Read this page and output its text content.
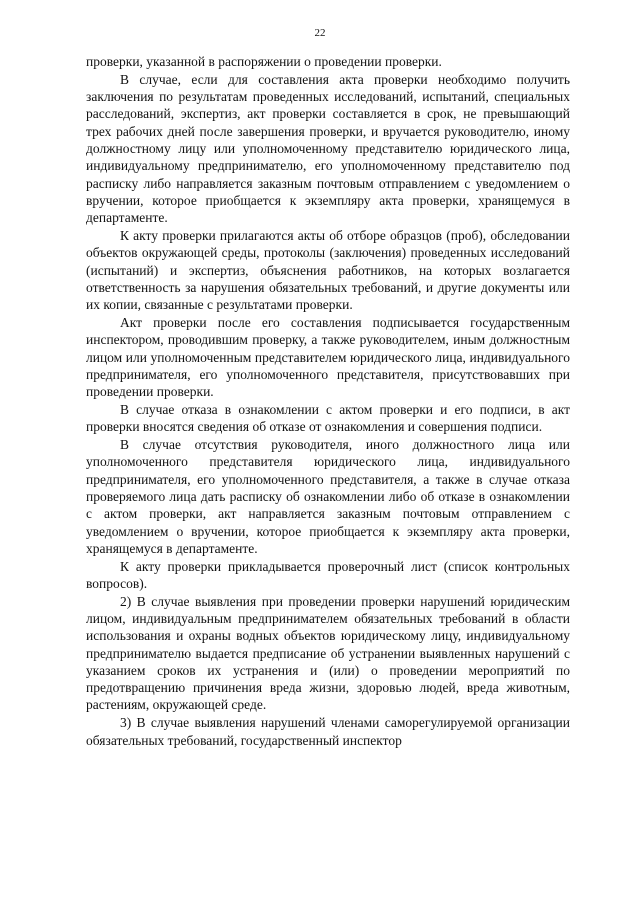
22

проверки, указанной в распоряжении о проведении проверки.

В случае, если для составления акта проверки необходимо получить заключения по результатам проведенных исследований, испытаний, специальных расследований, экспертиз, акт проверки составляется в срок, не превышающий трех рабочих дней после завершения проверки, и вручается руководителю, иному должностному лицу или уполномоченному представителю юридического лица, индивидуальному предпринимателю, его уполномоченному представителю под расписку либо направляется заказным почтовым отправлением с уведомлением о вручении, которое приобщается к экземпляру акта проверки, хранящемуся в департаменте.

К акту проверки прилагаются акты об отборе образцов (проб), обследовании объектов окружающей среды, протоколы (заключения) проведенных исследований (испытаний) и экспертиз, объяснения работников, на которых возлагается ответственность за нарушения обязательных требований, и другие документы или их копии, связанные с результатами проверки.

Акт проверки после его составления подписывается государственным инспектором, проводившим проверку, а также руководителем, иным должностным лицом или уполномоченным представителем юридического лица, индивидуального предпринимателя, его уполномоченного представителя, присутствовавших при проведении проверки.

В случае отказа в ознакомлении с актом проверки и его подписи, в акт проверки вносятся сведения об отказе от ознакомления и совершения подписи.

В случае отсутствия руководителя, иного должностного лица или уполномоченного представителя юридического лица, индивидуального предпринимателя, его уполномоченного представителя, а также в случае отказа проверяемого лица дать расписку об ознакомлении либо об отказе в ознакомлении с актом проверки, акт направляется заказным почтовым отправлением с уведомлением о вручении, которое приобщается к экземпляру акта проверки, хранящемуся в департаменте.

К акту проверки прикладывается проверочный лист (список контрольных вопросов).

2) В случае выявления при проведении проверки нарушений юридическим лицом, индивидуальным предпринимателем обязательных требований в области использования и охраны водных объектов юридическому лицу, индивидуальному предпринимателю выдается предписание об устранении выявленных нарушений с указанием сроков их устранения и (или) о проведении мероприятий по предотвращению причинения вреда жизни, здоровью людей, вреда животным, растениям, окружающей среде.

3) В случае выявления нарушений членами саморегулируемой организации обязательных требований, государственный инспектор
